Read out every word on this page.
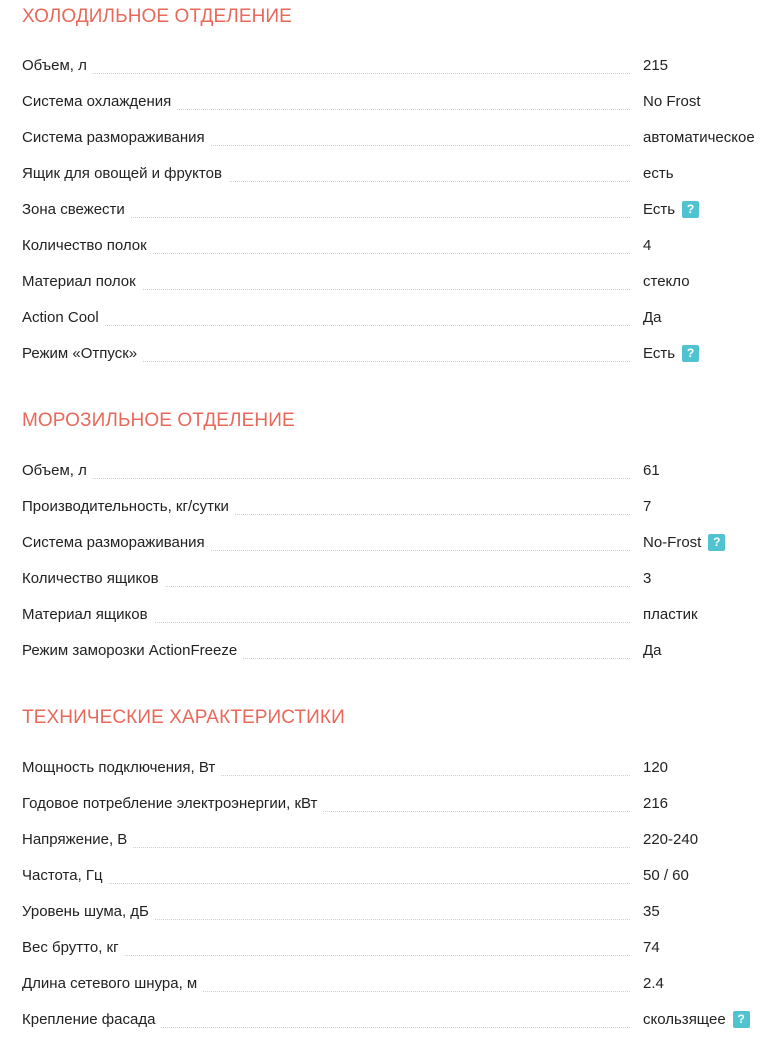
ХОЛОДИЛЬНОЕ ОТДЕЛЕНИЕ
Объем, л	215
Система охлаждения	No Frost
Система размораживания	автоматическое
Ящик для овощей и фруктов	есть
Зона свежести	Есть ?
Количество полок	4
Материал полок	стекло
Action Cool	Да
Режим «Отпуск»	Есть ?
МОРОЗИЛЬНОЕ ОТДЕЛЕНИЕ
Объем, л	61
Производительность, кг/сутки	7
Система размораживания	No-Frost ?
Количество ящиков	3
Материал ящиков	пластик
Режим заморозки ActionFreeze	Да
ТЕХНИЧЕСКИЕ ХАРАКТЕРИСТИКИ
Мощность подключения, Вт	120
Годовое потребление электроэнергии, кВт	216
Напряжение, В	220-240
Частота, Гц	50 / 60
Уровень шума, дБ	35
Вес брутто, кг	74
Длина сетевого шнура, м	2.4
Крепление фасада	скользящее ?
